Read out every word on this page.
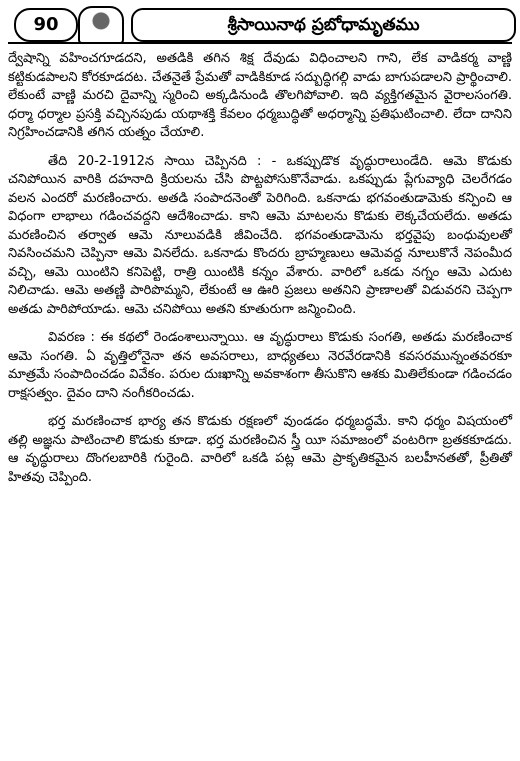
90	శ్రీసాయినాథ ప్రబోధామృతము

ద్వేషాన్ని వహించగూడదని, అతడికి తగిన శిక్ష దేవుడు విధించాలని గాని, లేక వాడికర్మ వాణ్ణి కట్టికుడపాలని కోరకూడదట. చేతనైతే ప్రేమతో వాడికికూడ సద్బుద్ధిగల్గి వాడు బాగుపడాలని ప్రార్థించాలి. లేకుంటే వాణ్ణి మరచి దైవాన్ని స్మరించి అక్కడినుండి తొలగిపోవాలి. ఇది వ్యక్తిగతమైన వైరాలసంగతి. ధర్మా ధర్మాల ప్రసక్తి వచ్చినపుడు యథాశక్తి కేవలం ధర్మబుద్ధితో అధర్మాన్ని ప్రతిఘటించాలి. లేదా దానిని నిగ్రహించడానికి తగిన యత్నం చేయాలి.

తేది 20-2-1912న సాయి చెప్పినది : - ఒకప్పుడొక వృద్ధురాలుండేది. ఆమె కొడుకు చనిపోయిన వారికి దహనాది క్రియలను చేసి పొట్టపోసుకొనేవాడు. ఒకప్పుడు ప్లేగువ్యాధి చెలరేగడం వలన ఎందరో మరణించారు. అతడి సంపాదనెంతో పెరిగింది. ఒకనాడు భగవంతుడామెకు కన్పించి ఆ విధంగా లాభాలు గడించవద్దని ఆదేశించాడు. కాని ఆమె మాటలను కొడుకు లెక్కచేయలేదు. అతడు మరణించిన తర్వాత ఆమె నూలువడికి జీవించేది. భగవంతుడామెను భర్తవైపు బంధువులతో నివసించమని చెప్పినా ఆమె వినలేదు. ఒకనాడు కొందరు బ్రాహ్మణులు ఆమెవద్ద నూలుకొనే నెపంమీద వచ్చి, ఆమె యింటిని కనిపెట్టి, రాత్రి యింటికి కన్నం వేశారు. వారిలో ఒకడు నగ్నం ఆమె ఎదుట నిలిచాడు. ఆమె అతణ్ణి పారిపొమ్మని, లేకుంటే ఆ ఊరి ప్రజలు అతనిని ప్రాణాలతో విడువరని చెప్పగా అతడు పారిపోయాడు. ఆమె చనిపోయి అతని కూతురుగా జన్మించింది.

వివరణ : ఈ కథలో రెండంశాలున్నాయి. ఆ వృద్ధురాలు కొడుకు సంగతి, అతడు మరణించాక ఆమె సంగతి. ఏ వృత్తిలోనైనా తన అవసరాలు, బాధ్యతలు నెరవేరడానికి కవసరమున్నంతవరకూ మాత్రమే సంపాదించడం వివేకం. పరుల దుఃఖాన్ని అవకాశంగా తీసుకొని ఆశకు మితిలేకుండా గడించడం రాక్షసత్వం. దైవం దాని నంగీకరించడు.

భర్త మరణించాక భార్య తన కొడుకు రక్షణలో వుండడం ధర్మబద్ధమే. కాని ధర్మం విషయంలో తల్లి అజ్ఞను పాటించాలి కొడుకు కూడా. భర్త మరణించిన స్త్రీ యీ సమాజంలో వంటరిగా బ్రతకకూడదు. ఆ వృద్ధురాలు దొంగలబారికి గురైంది. వారిలో ఒకడి పట్ల ఆమె ప్రాకృతికమైన బలహీనతతో, ప్రీతితో హితవు చెప్పింది.
